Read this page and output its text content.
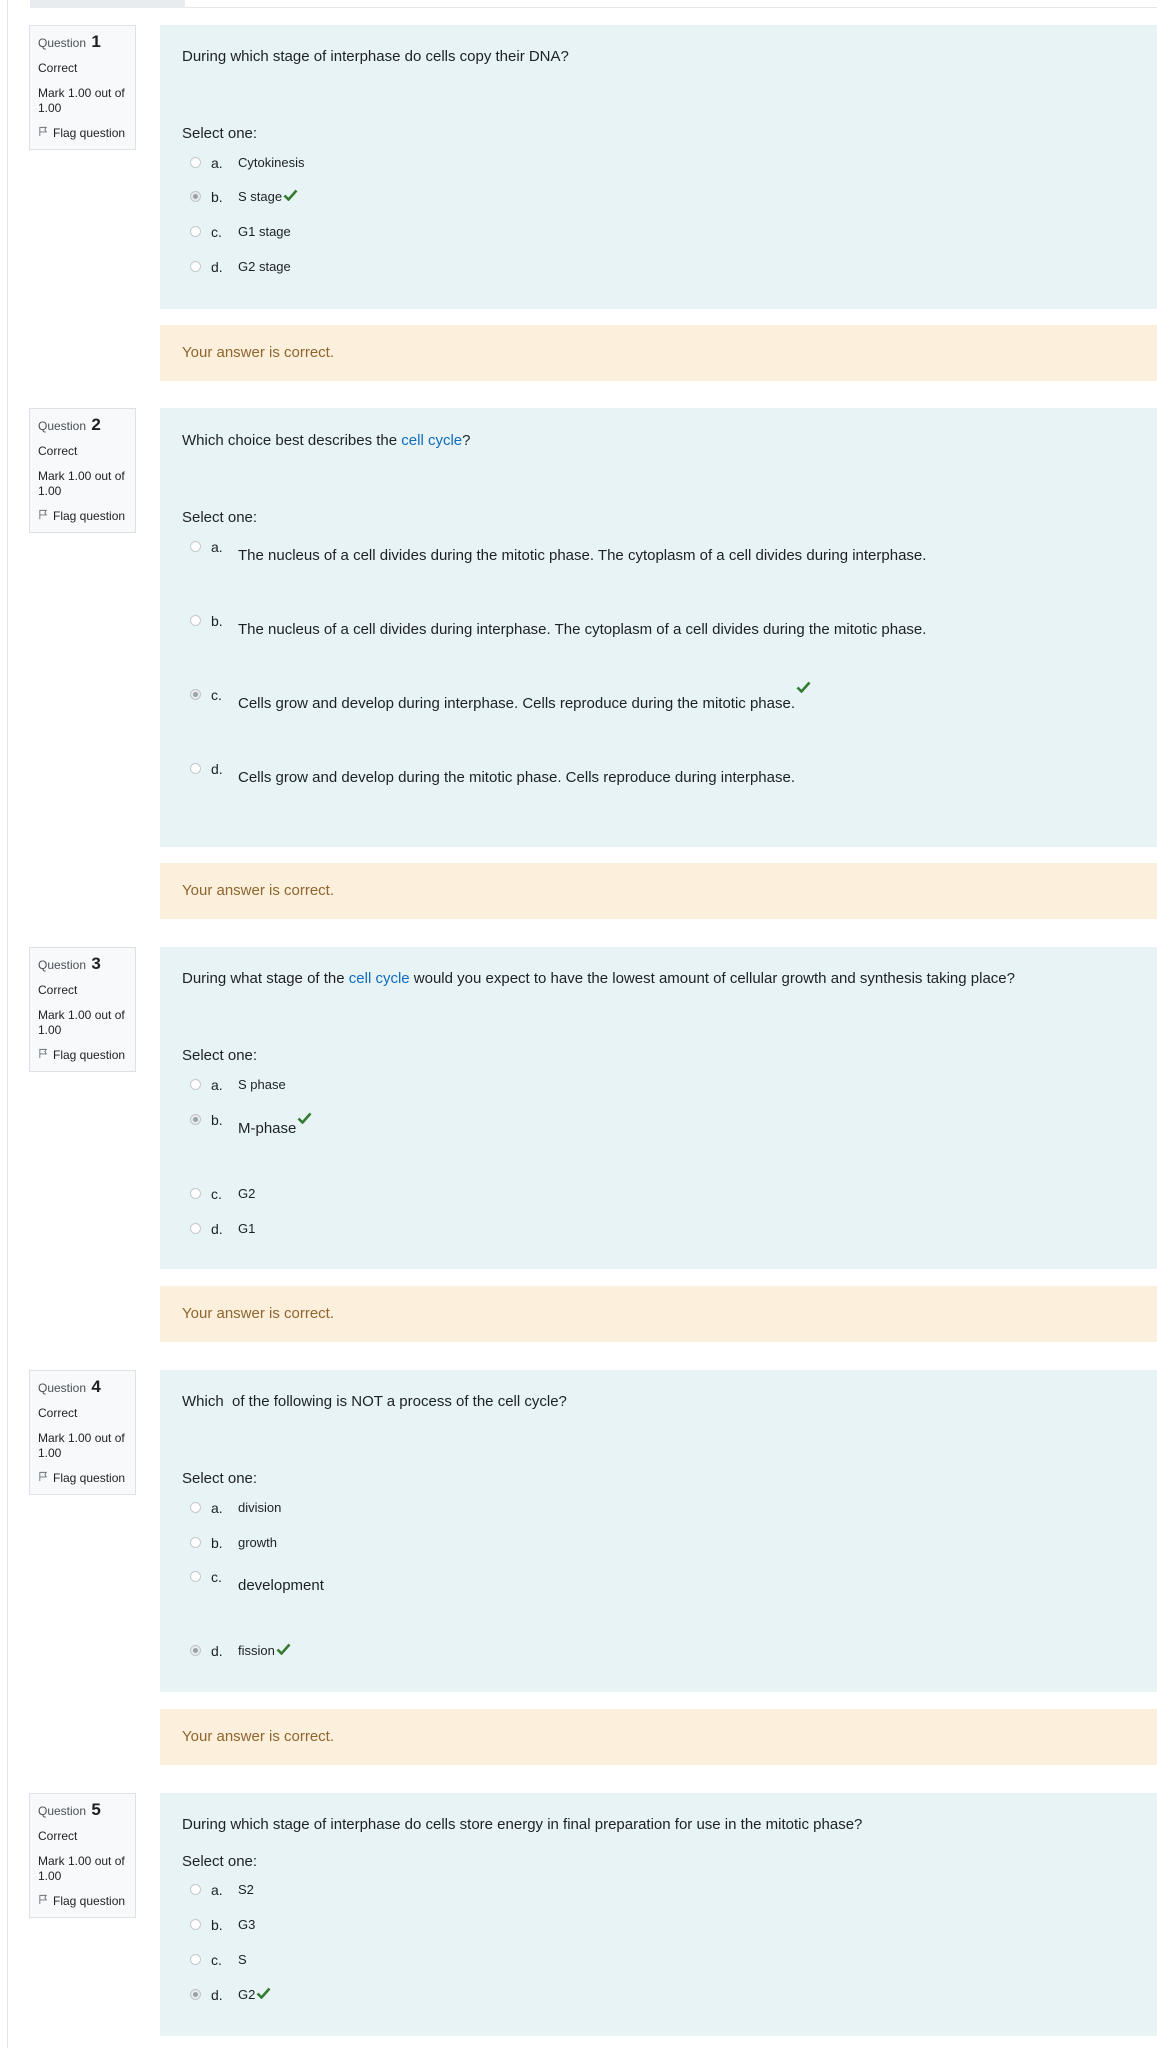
Question 1
Correct
Mark 1.00 out of 1.00
Flag question
During which stage of interphase do cells copy their DNA?
Select one:
a.	Cytokinesis
b.	S stage
c.	G1 stage
d.	G2 stage
Your answer is correct.
Question 2
Correct
Mark 1.00 out of 1.00
Flag question
Which choice best describes the cell cycle?
Select one:
a.	The nucleus of a cell divides during the mitotic phase. The cytoplasm of a cell divides during interphase.
b.	The nucleus of a cell divides during interphase. The cytoplasm of a cell divides during the mitotic phase.
c.	Cells grow and develop during interphase. Cells reproduce during the mitotic phase.
d.	Cells grow and develop during the mitotic phase. Cells reproduce during interphase.
Your answer is correct.
Question 3
Correct
Mark 1.00 out of 1.00
Flag question
During what stage of the cell cycle would you expect to have the lowest amount of cellular growth and synthesis taking place?
Select one:
a.	S phase
b.	M-phase
c.	G2
d.	G1
Your answer is correct.
Question 4
Correct
Mark 1.00 out of 1.00
Flag question
Which  of the following is NOT a process of the cell cycle?
Select one:
a.	division
b.	growth
c.	development
d.	fission
Your answer is correct.
Question 5
Correct
Mark 1.00 out of 1.00
Flag question
During which stage of interphase do cells store energy in final preparation for use in the mitotic phase?
Select one:
a.	S2
b.	G3
c.	S
d.	G2
